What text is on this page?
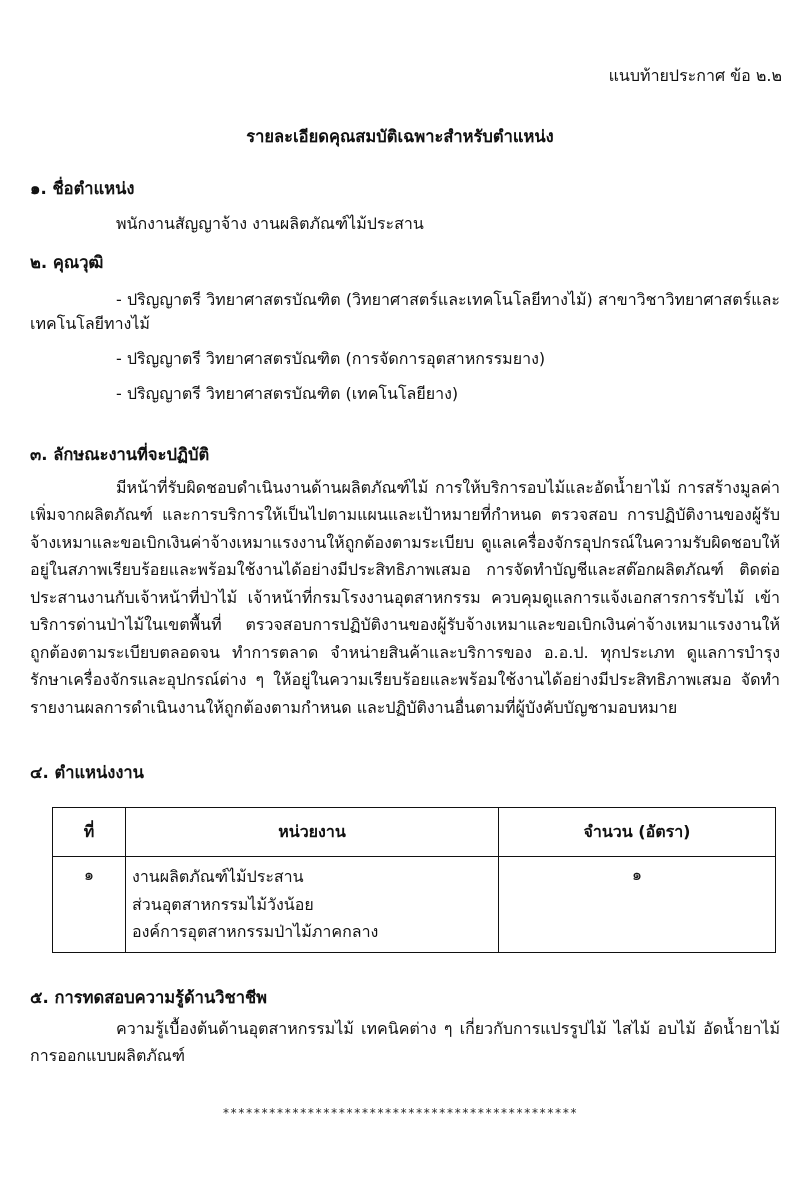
แนบท้ายประกาศ ข้อ ๒.๒
รายละเอียดคุณสมบัติเฉพาะสำหรับตำแหน่ง

๑. ชื่อตำแหน่ง

พนักงานสัญญาจ้าง งานผลิตภัณฑ์ไม้ประสาน

๒. คุณวุฒิ

- ปริญญาตรี วิทยาศาสตรบัณฑิต (วิทยาศาสตร์และเทคโนโลยีทางไม้) สาขาวิชาวิทยาศาสตร์และเทคโนโลยีทางไม้

- ปริญญาตรี วิทยาศาสตรบัณฑิต (การจัดการอุตสาหกรรมยาง)

- ปริญญาตรี วิทยาศาสตรบัณฑิต (เทคโนโลยียาง)

๓. ลักษณะงานที่จะปฏิบัติ

มีหน้าที่รับผิดชอบดำเนินงานด้านผลิตภัณฑ์ไม้ การให้บริการอบไม้และอัดน้ำยาไม้ การสร้างมูลค่าเพิ่มจากผลิตภัณฑ์ และการบริการให้เป็นไปตามแผนและเป้าหมายที่กำหนด ตรวจสอบ การปฏิบัติงานของผู้รับจ้างเหมาและขอเบิกเงินค่าจ้างเหมาแรงงานให้ถูกต้องตามระเบียบ ดูแลเครื่องจักรอุปกรณ์ในความรับผิดชอบให้อยู่ในสภาพเรียบร้อยและพร้อมใช้งานได้อย่างมีประสิทธิภาพเสมอ การจัดทำบัญชีและสต๊อกผลิตภัณฑ์ ติดต่อประสานงานกับเจ้าหน้าที่ป่าไม้ เจ้าหน้าที่กรมโรงงานอุตสาหกรรม ควบคุมดูแลการแจ้งเอกสารการรับไม้ เข้าบริการด่านป่าไม้ในเขตพื้นที่ ตรวจสอบการปฏิบัติงานของผู้รับจ้างเหมาและขอเบิกเงินค่าจ้างเหมาแรงงานให้ถูกต้องตามระเบียบตลอดจน ทำการตลาด จำหน่ายสินค้าและบริการของ อ.อ.ป. ทุกประเภท ดูแลการบำรุงรักษาเครื่องจักรและอุปกรณ์ต่าง ๆ ให้อยู่ในความเรียบร้อยและพร้อมใช้งานได้อย่างมีประสิทธิภาพเสมอ จัดทำรายงานผลการดำเนินงานให้ถูกต้องตามกำหนด และปฏิบัติงานอื่นตามที่ผู้บังคับบัญชามอบหมาย

๔. ตำแหน่งงาน

ที่	หน่วยงาน	จำนวน (อัตรา)
๑	งานผลิตภัณฑ์ไม้ประสาน
ส่วนอุตสาหกรรมไม้วังน้อย
องค์การอุตสาหกรรมป่าไม้ภาคกลาง	๑

๕. การทดสอบความรู้ด้านวิชาชีพ

ความรู้เบื้องต้นด้านอุตสาหกรรมไม้ เทคนิคต่าง ๆ เกี่ยวกับการแปรรูปไม้ ไสไม้ อบไม้ อัดน้ำยาไม้ การออกแบบผลิตภัณฑ์

**********************************************
